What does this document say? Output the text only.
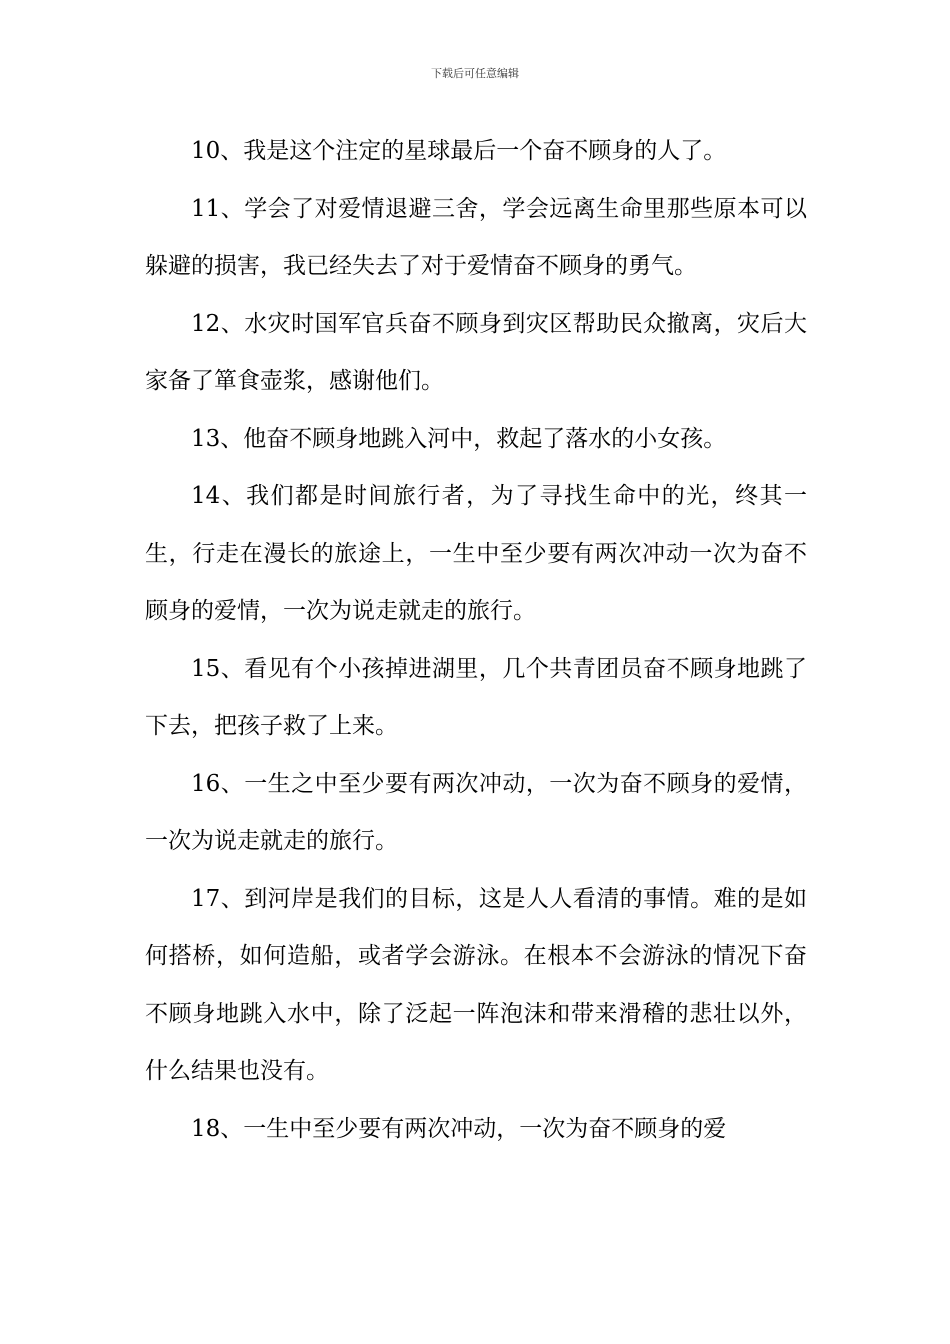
下载后可任意编辑

10、我是这个注定的星球最后一个奋不顾身的人了。

11、学会了对爱情退避三舍，学会远离生命里那些原本可以躲避的损害，我已经失去了对于爱情奋不顾身的勇气。

12、水灾时国军官兵奋不顾身到灾区帮助民众撤离，灾后大家备了箪食壶浆，感谢他们。

13、他奋不顾身地跳入河中，救起了落水的小女孩。

14、我们都是时间旅行者，为了寻找生命中的光，终其一生，行走在漫长的旅途上，一生中至少要有两次冲动一次为奋不顾身的爱情，一次为说走就走的旅行。

15、看见有个小孩掉进湖里，几个共青团员奋不顾身地跳了下去，把孩子救了上来。

16、一生之中至少要有两次冲动，一次为奋不顾身的爱情，一次为说走就走的旅行。

17、到河岸是我们的目标，这是人人看清的事情。难的是如何搭桥，如何造船，或者学会游泳。在根本不会游泳的情况下奋不顾身地跳入水中，除了泛起一阵泡沫和带来滑稽的悲壮以外，什么结果也没有。

18、一生中至少要有两次冲动，一次为奋不顾身的爱
